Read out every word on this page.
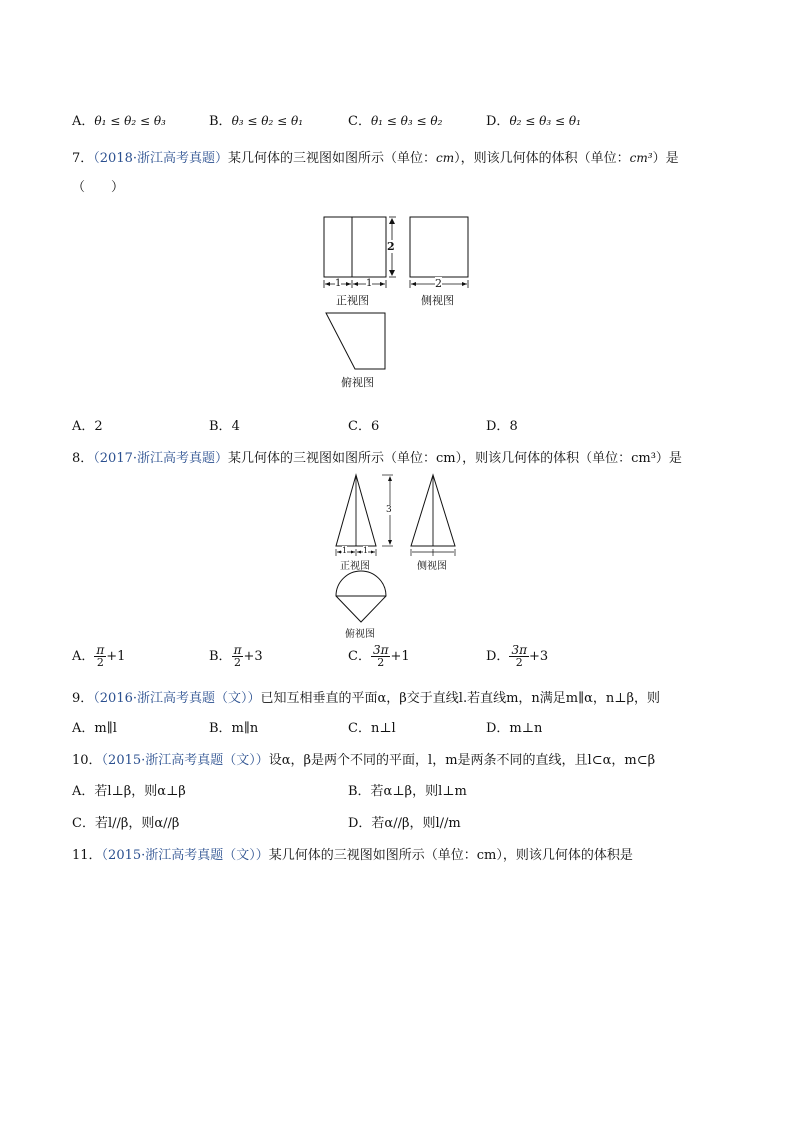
A．θ₁ ≤ θ₂ ≤ θ₃	B．θ₃ ≤ θ₂ ≤ θ₁	C．θ₁ ≤ θ₃ ≤ θ₂	D．θ₂ ≤ θ₃ ≤ θ₁
7．（2018·浙江高考真题）某几何体的三视图如图所示（单位：cm），则该几何体的体积（单位：cm³）是
（　　）
2
1 1	2
正视图	侧视图
俯视图
A．2	B．4	C．6	D．8
8．（2017·浙江高考真题）某几何体的三视图如图所示（单位：cm），则该几何体的体积（单位：cm³）是
3
1 1
正视图	侧视图
俯视图
A． $\frac{\pi}{2} +1$	B． $\frac{\pi}{2} +3$	C． $\frac{3\pi}{2} +1$	D． $\frac{3\pi}{2} +3$
9．（2016·浙江高考真题（文））已知互相垂直的平面α，β交于直线l.若直线m，n满足m∥α，n⊥β，则
A．m∥l	B．m∥n	C．n⊥l	D．m⊥n
10．（2015·浙江高考真题（文））设α，β是两个不同的平面，l，m是两条不同的直线，且l⊂α，m⊂β
A．若l⊥β，则α⊥β	B．若α⊥β，则l⊥m
C．若l//β，则α//β	D．若α//β，则l//m
11．（2015·浙江高考真题（文））某几何体的三视图如图所示（单位：cm），则该几何体的体积是
